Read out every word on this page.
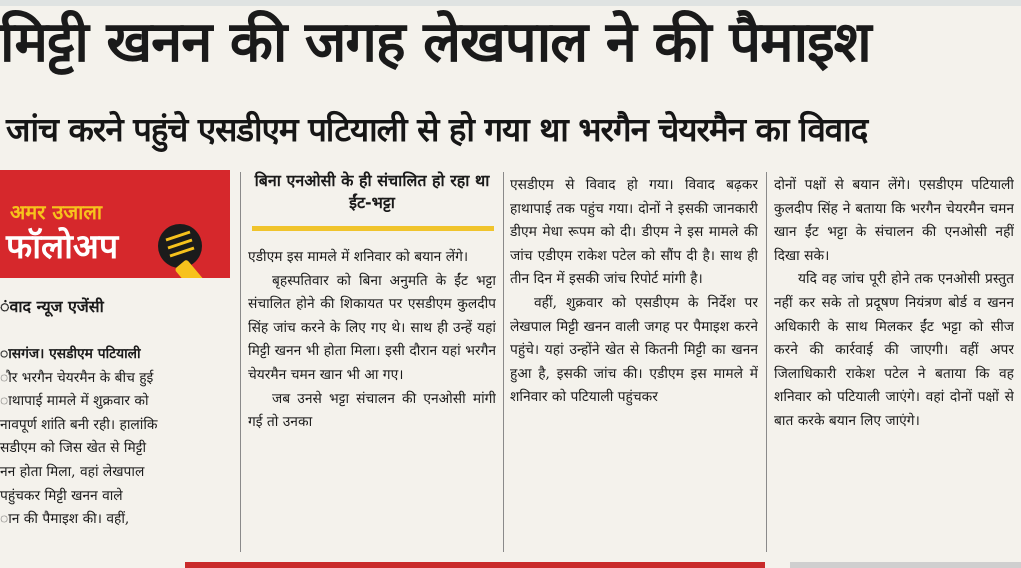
मिट्टी खनन की जगह लेखपाल ने की पैमाइश
जांच करने पहुंचे एसडीएम पटियाली से हो गया था भरगैन चेयरमैन का विवाद
अमर उजाला
फॉलोअप
ंवाद न्यूज एजेंसी

ासगंज। एसडीएम पटियाली

ौर भरगैन चेयरमैन के बीच हुई

ाथापाई मामले में शुक्रवार को

नावपूर्ण शांति बनी रही। हालांकि

सडीएम को जिस खेत से मिट्टी

नन होता मिला, वहां लेखपाल

पहुंचकर मिट्टी खनन वाले

ान की पैमाइश की। वहीं,

बिना एनओसी के ही संचालित हो रहा था ईंट-भट्टा

एडीएम इस मामले में शनिवार को बयान लेंगे।

बृहस्पतिवार को बिना अनुमति के ईंट भट्टा संचालित होने की शिकायत पर एसडीएम कुलदीप सिंह जांच करने के लिए गए थे। साथ ही उन्हें यहां मिट्टी खनन भी होता मिला। इसी दौरान यहां भरगैन चेयरमैन चमन खान भी आ गए।

जब उनसे भट्टा संचालन की एनओसी मांगी गई तो उनका

एसडीएम से विवाद हो गया। विवाद बढ़कर हाथापाई तक पहुंच गया। दोनों ने इसकी जानकारी डीएम मेधा रूपम को दी। डीएम ने इस मामले की जांच एडीएम राकेश पटेल को सौंप दी है। साथ ही तीन दिन में इसकी जांच रिपोर्ट मांगी है।

वहीं, शुक्रवार को एसडीएम के निर्देश पर लेखपाल मिट्टी खनन वाली जगह पर पैमाइश करने पहुंचे। यहां उन्होंने खेत से कितनी मिट्टी का खनन हुआ है, इसकी जांच की। एडीएम इस मामले में शनिवार को पटियाली पहुंचकर

दोनों पक्षों से बयान लेंगे। एसडीएम पटियाली कुलदीप सिंह ने बताया कि भरगैन चेयरमैन चमन खान ईंट भट्टा के संचालन की एनओसी नहीं दिखा सके।

यदि वह जांच पूरी होने तक एनओसी प्रस्तुत नहीं कर सके तो प्रदूषण नियंत्रण बोर्ड व खनन अधिकारी के साथ मिलकर ईंट भट्टा को सीज करने की कार्रवाई की जाएगी। वहीं अपर जिलाधिकारी राकेश पटेल ने बताया कि वह शनिवार को पटियाली जाएंगे। वहां दोनों पक्षों से बात करके बयान लिए जाएंगे।
